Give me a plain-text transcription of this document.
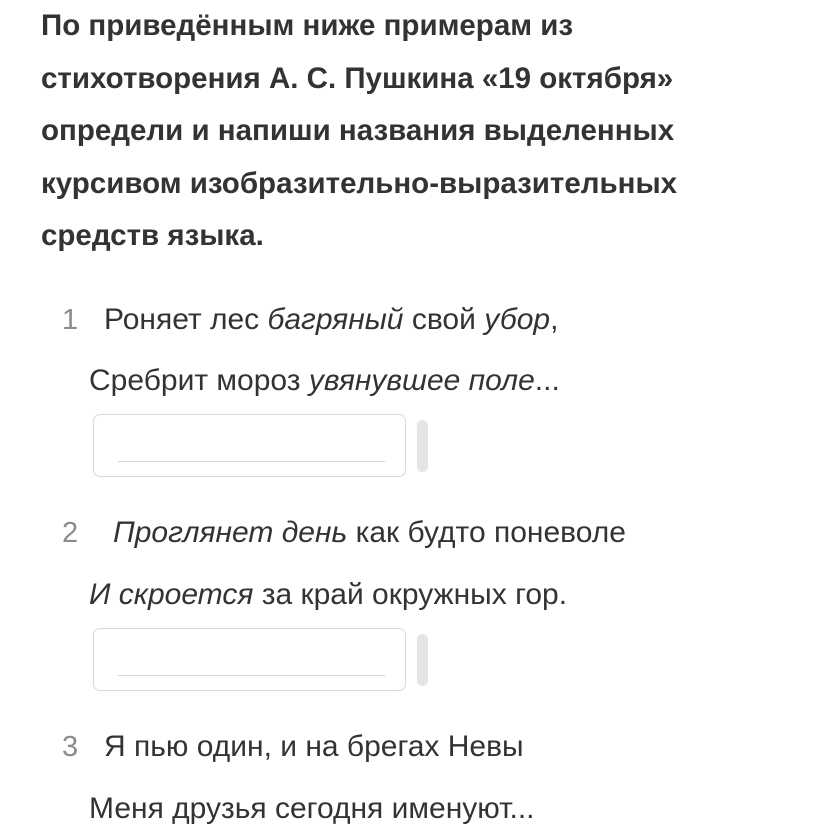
По приведённым ниже примерам из стихотворения А. С. Пушкина «19 октября» определи и напиши названия выделенных курсивом изобразительно-выразительных средств языка.

1 Роняет лес багряный свой убор,
Сребрит мороз увянувшее поле...
2 Проглянет день как будто поневоле
И скроется за край окружных гор.
3 Я пью один, и на брегах Невы
Меня друзья сегодня именуют...
